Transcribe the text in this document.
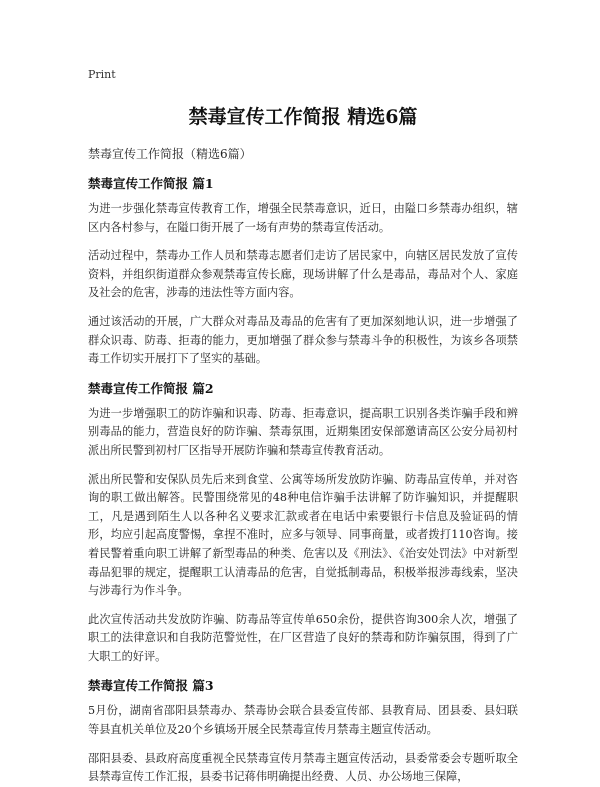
Print
禁毒宣传工作简报 精选6篇
禁毒宣传工作简报（精选6篇）
禁毒宣传工作简报 篇1

为进一步强化禁毒宣传教育工作，增强全民禁毒意识，近日，由隘口乡禁毒办组织，辖区内各村参与，在隘口街开展了一场有声势的禁毒宣传活动。

活动过程中，禁毒办工作人员和禁毒志愿者们走访了居民家中，向辖区居民发放了宣传资料，并组织街道群众参观禁毒宣传长廊，现场讲解了什么是毒品，毒品对个人、家庭及社会的危害，涉毒的违法性等方面内容。

通过该活动的开展，广大群众对毒品及毒品的危害有了更加深刻地认识，进一步增强了群众识毒、防毒、拒毒的能力，更加增强了群众参与禁毒斗争的积极性，为该乡各项禁毒工作切实开展打下了坚实的基础。

禁毒宣传工作简报 篇2

为进一步增强职工的防诈骗和识毒、防毒、拒毒意识，提高职工识别各类诈骗手段和辨别毒品的能力，营造良好的防诈骗、禁毒氛围，近期集团安保部邀请高区公安分局初村派出所民警到初村厂区指导开展防诈骗和禁毒宣传教育活动。

派出所民警和安保队员先后来到食堂、公寓等场所发放防诈骗、防毒品宣传单，并对咨询的职工做出解答。民警围绕常见的48种电信诈骗手法讲解了防诈骗知识，并提醒职工，凡是遇到陌生人以各种名义要求汇款或者在电话中索要银行卡信息及验证码的情形，均应引起高度警惕，拿捏不准时，应多与领导、同事商量，或者拨打110咨询。接着民警着重向职工讲解了新型毒品的种类、危害以及《刑法》、《治安处罚法》中对新型毒品犯罪的规定，提醒职工认清毒品的危害，自觉抵制毒品，积极举报涉毒线索，坚决与涉毒行为作斗争。

此次宣传活动共发放防诈骗、防毒品等宣传单650余份，提供咨询300余人次，增强了职工的法律意识和自我防范警觉性，在厂区营造了良好的禁毒和防诈骗氛围，得到了广大职工的好评。

禁毒宣传工作简报 篇3

5月份，湖南省邵阳县禁毒办、禁毒协会联合县委宣传部、县教育局、团县委、县妇联等县直机关单位及20个乡镇场开展全民禁毒宣传月禁毒主题宣传活动。

邵阳县委、县政府高度重视全民禁毒宣传月禁毒主题宣传活动，县委常委会专题听取全县禁毒宣传工作汇报，县委书记蒋伟明确提出经费、人员、办公场地三保障，
